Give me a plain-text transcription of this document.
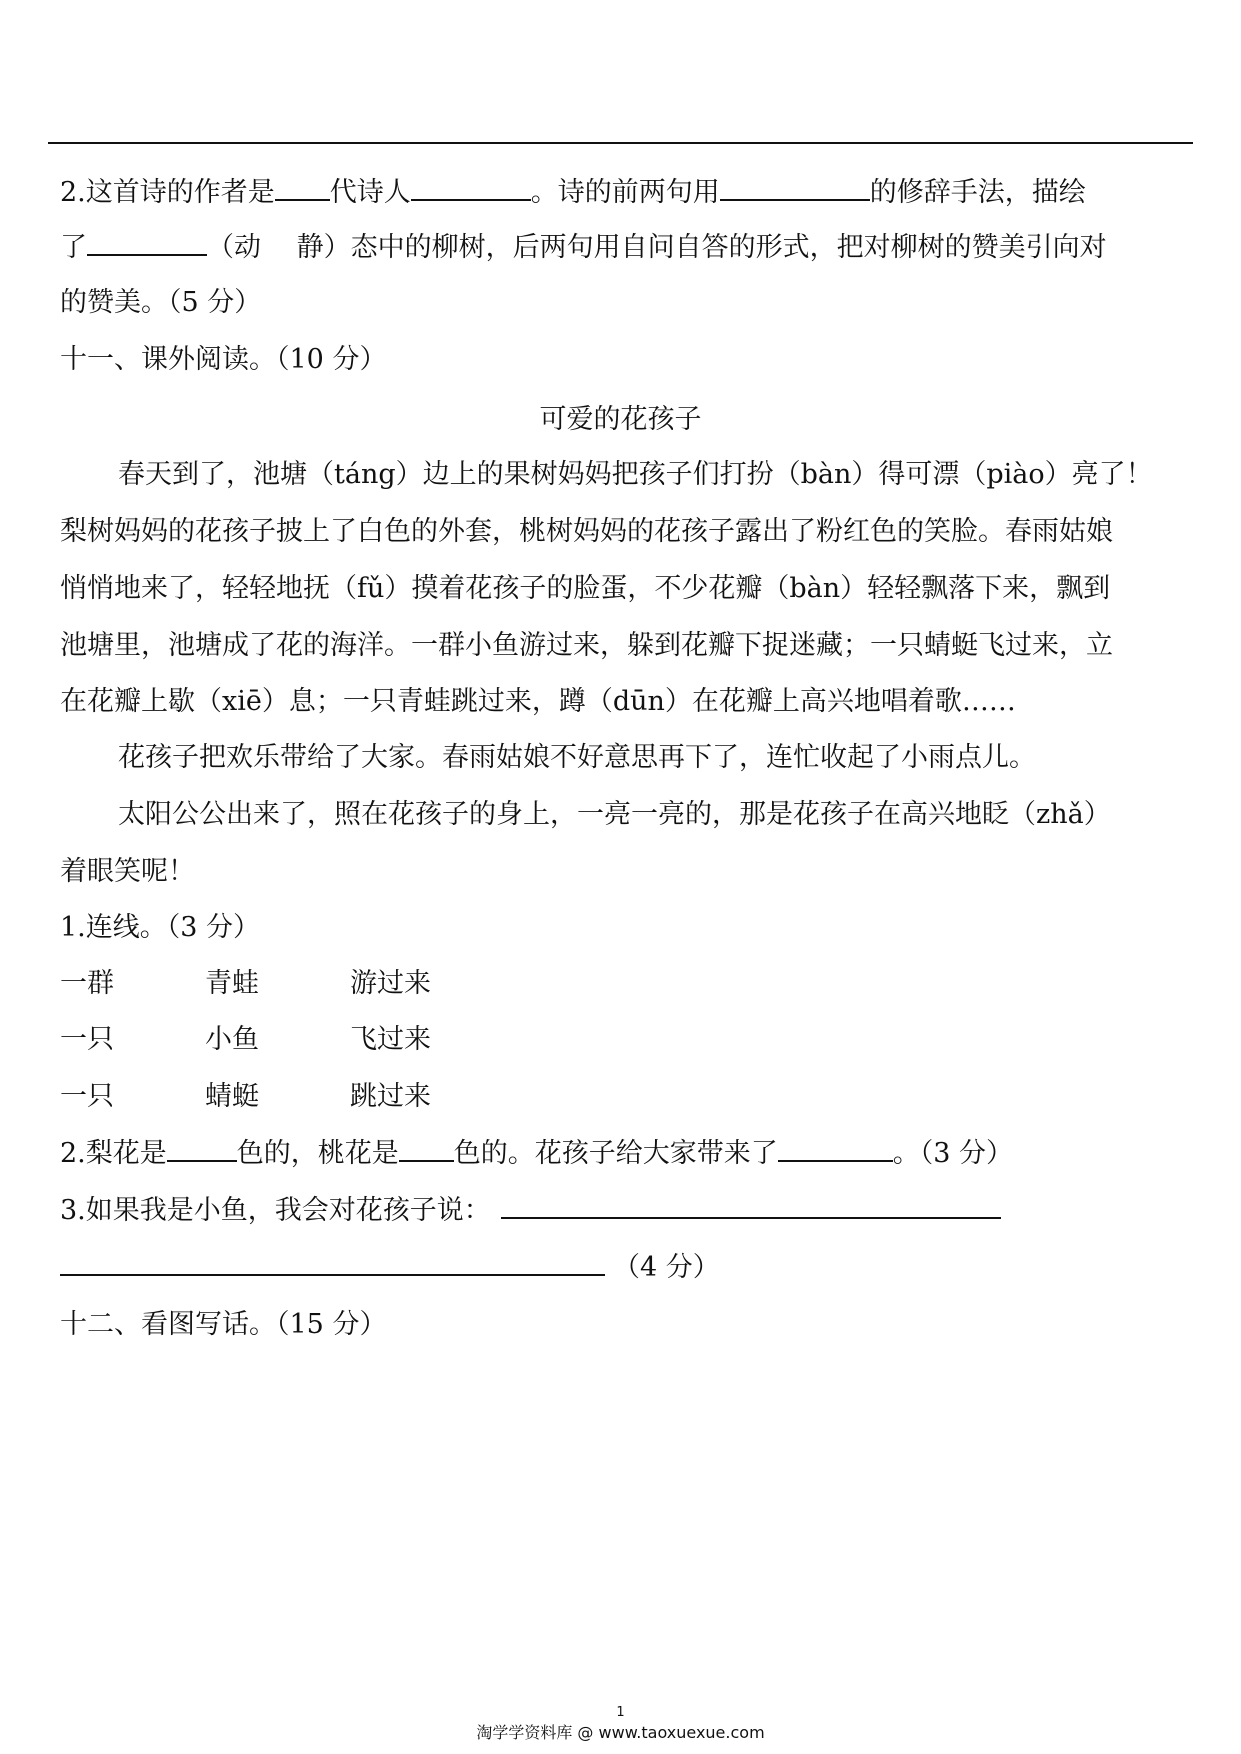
2.这首诗的作者是 代诗人	。诗的前两句用	的修辞手法，描绘
了	（动　 静）态中的柳树，后两句用自问自答的形式，把对柳树的赞美引向对
的赞美。（5 分）
十一、课外阅读。（10 分）
可爱的花孩子
春天到了，池塘（táng）边上的果树妈妈把孩子们打扮（bàn）得可漂（piào）亮了！
梨树妈妈的花孩子披上了白色的外套，桃树妈妈的花孩子露出了粉红色的笑脸。春雨姑娘
悄悄地来了，轻轻地抚（fǔ）摸着花孩子的脸蛋，不少花瓣（bàn）轻轻飘落下来，飘到
池塘里，池塘成了花的海洋。一群小鱼游过来，躲到花瓣下捉迷藏；一只蜻蜓飞过来，立
在花瓣上歇（xiē）息；一只青蛙跳过来，蹲（dūn）在花瓣上高兴地唱着歌……
花孩子把欢乐带给了大家。春雨姑娘不好意思再下了，连忙收起了小雨点儿。
太阳公公出来了，照在花孩子的身上，一亮一亮的，那是花孩子在高兴地眨（zhǎ）
着眼笑呢！
1.连线。（3 分）
一群	青蛙	游过来
一只	小鱼	飞过来
一只	蜻蜓	跳过来
2.梨花是	色的，桃花是 色的。花孩子给大家带来了	。（3 分）
3.如果我是小鱼，我会对花孩子说：
（4 分）
十二、看图写话。（15 分）
1
淘学学资料库 @ www.taoxuexue.com
